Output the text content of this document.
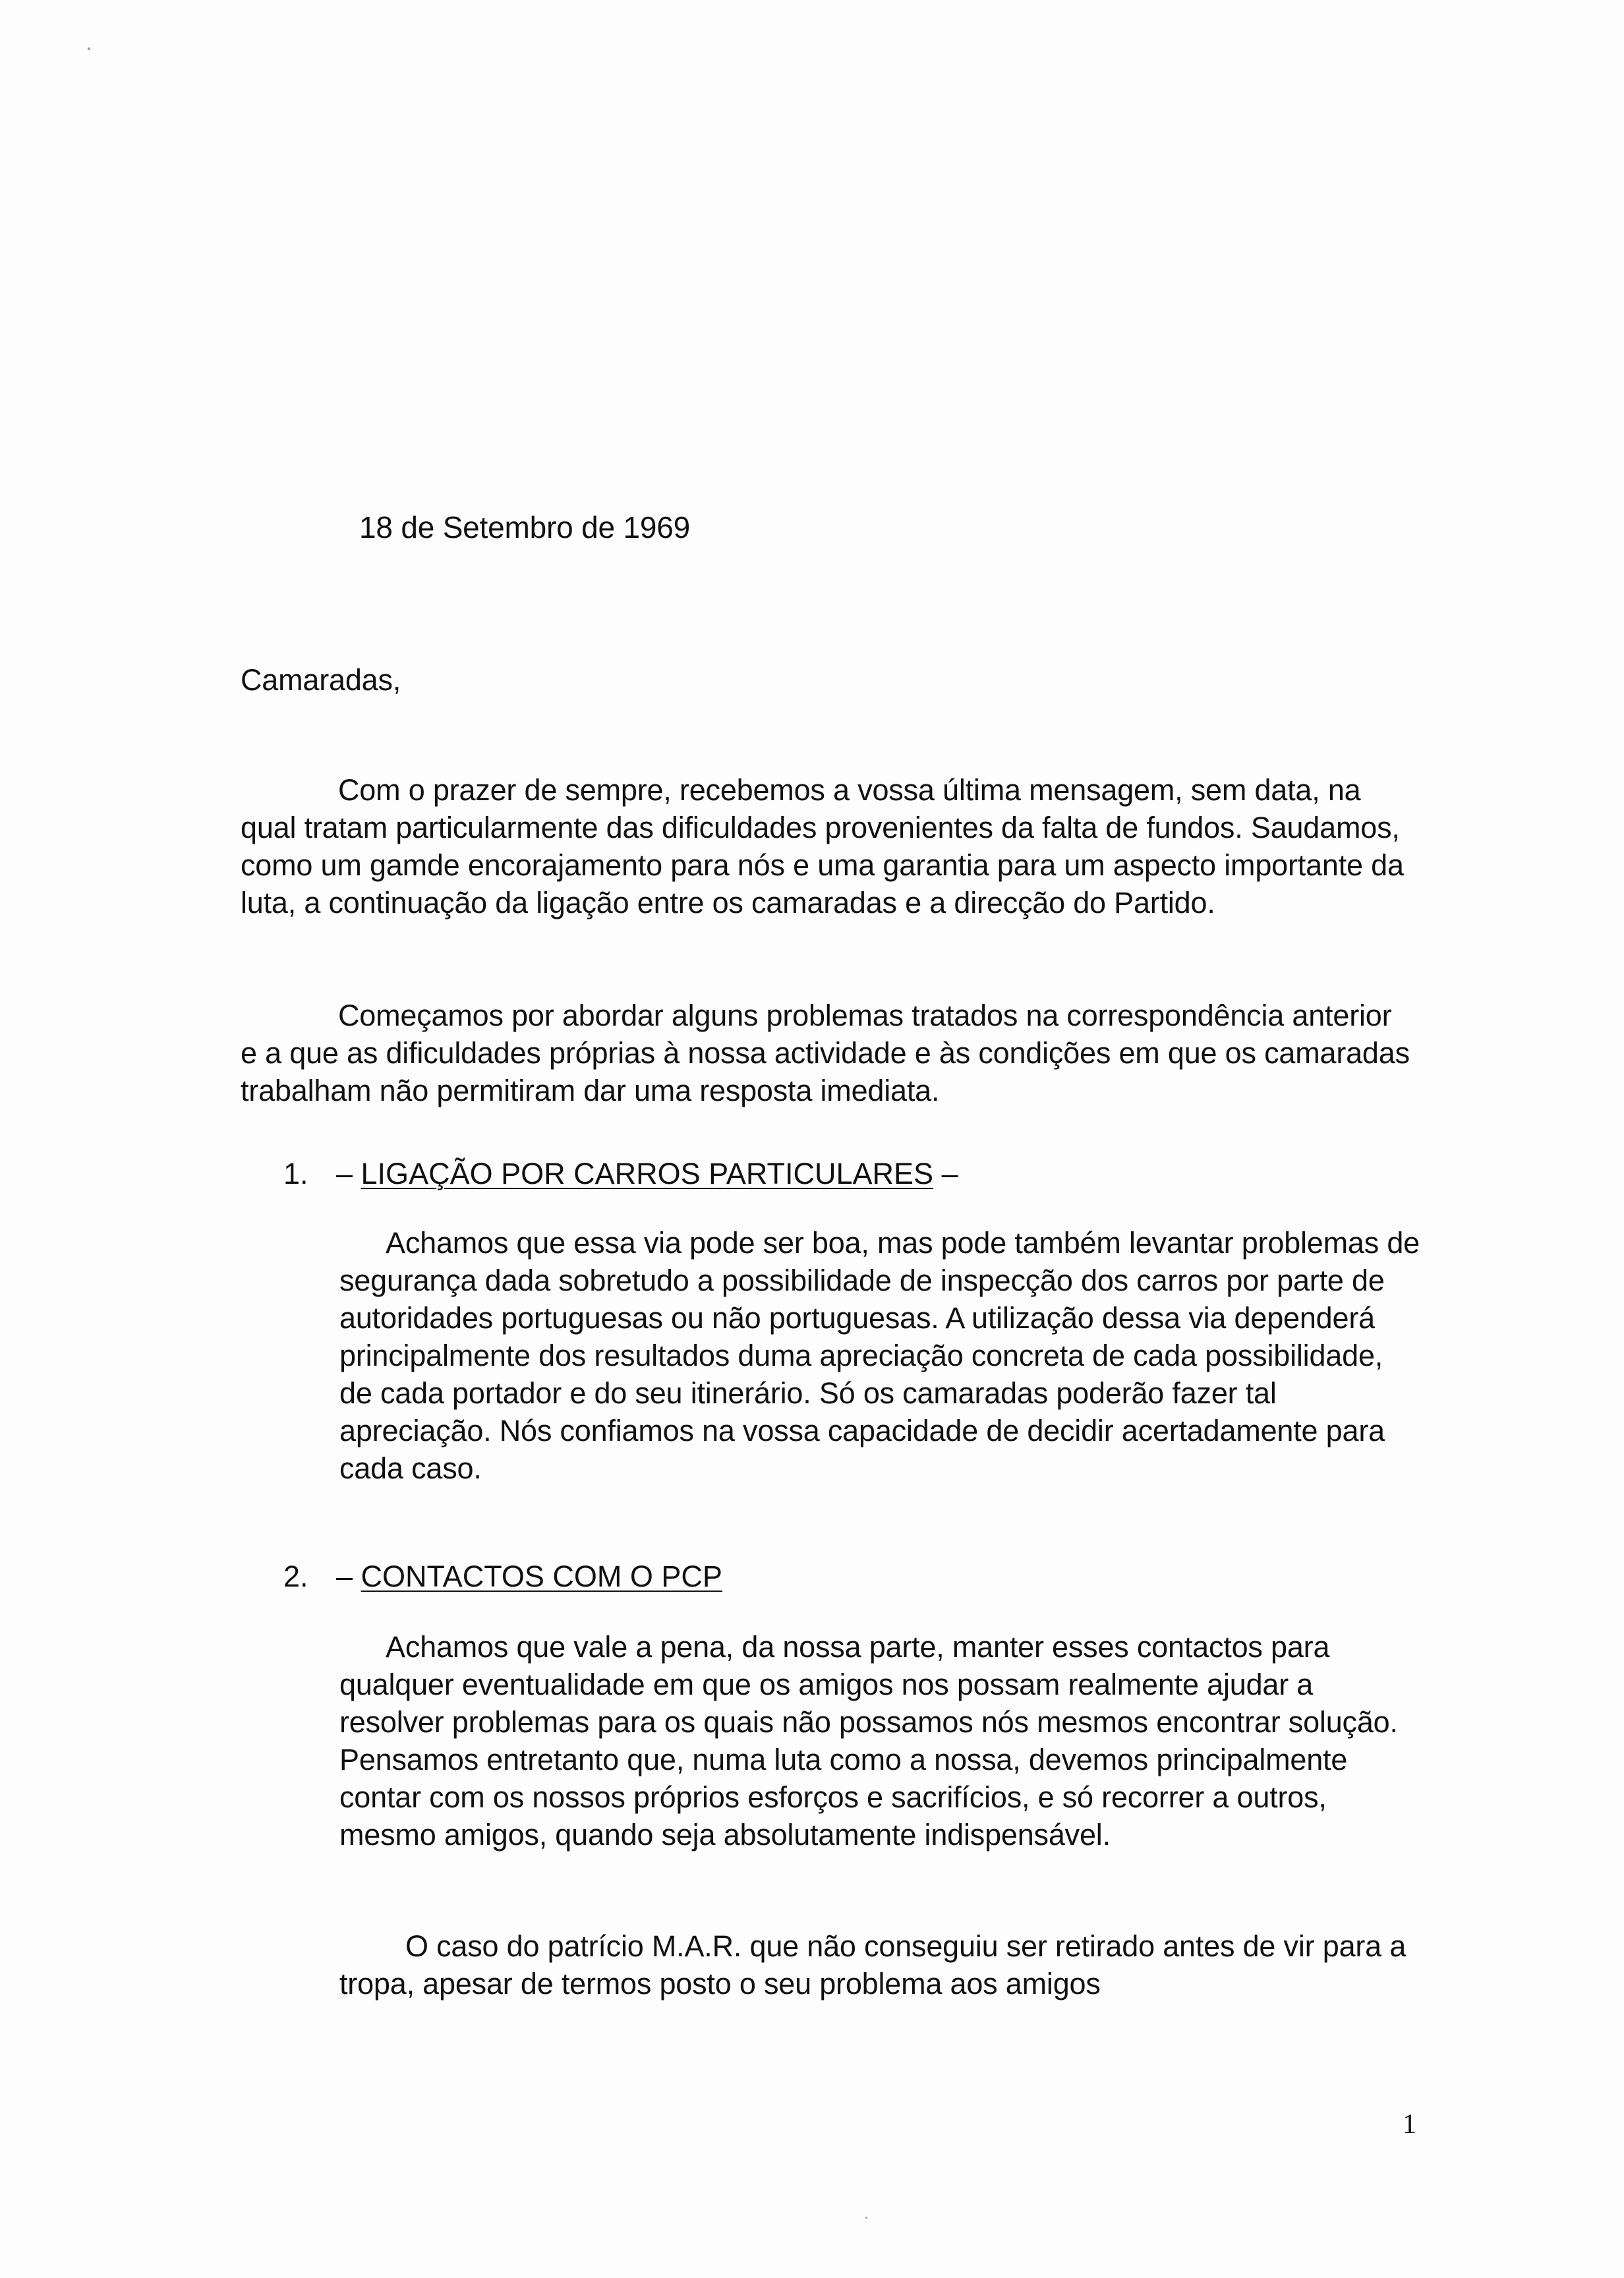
18 de Setembro de 1969

Camaradas,

Com o prazer de sempre, recebemos a vossa última mensagem, sem data, na qual tratam particularmente das dificuldades provenientes da falta de fundos. Saudamos, como um gamde encorajamento para nós e uma garantia para um aspecto importante da luta, a continuação da ligação entre os camaradas e a direcção do Partido.

Começamos por abordar alguns problemas tratados na correspondência anterior e a que as dificuldades próprias à nossa actividade e às condições em que os camaradas trabalham não permitiram dar uma resposta imediata.

1. – LIGAÇÃO POR CARROS PARTICULARES –

Achamos que essa via pode ser boa, mas pode também levantar problemas de segurança dada sobretudo a possibilidade de inspecção dos carros por parte de autoridades portuguesas ou não portuguesas. A utilização dessa via dependerá principalmente dos resultados duma apreciação concreta de cada possibilidade, de cada portador e do seu itinerário. Só os camaradas poderão fazer tal apreciação. Nós confiamos na vossa capacidade de decidir acertadamente para cada caso.

2. – CONTACTOS COM O PCP

Achamos que vale a pena, da nossa parte, manter esses contactos para qualquer eventualidade em que os amigos nos possam realmente ajudar a resolver problemas para os quais não possamos nós mesmos encontrar solução. Pensamos entretanto que, numa luta como a nossa, devemos principalmente contar com os nossos próprios esforços e sacrifícios, e só recorrer a outros, mesmo amigos, quando seja absolutamente indispensável.

O caso do patrício M.A.R. que não conseguiu ser retirado antes de vir para a tropa, apesar de termos posto o seu problema aos amigos

1
